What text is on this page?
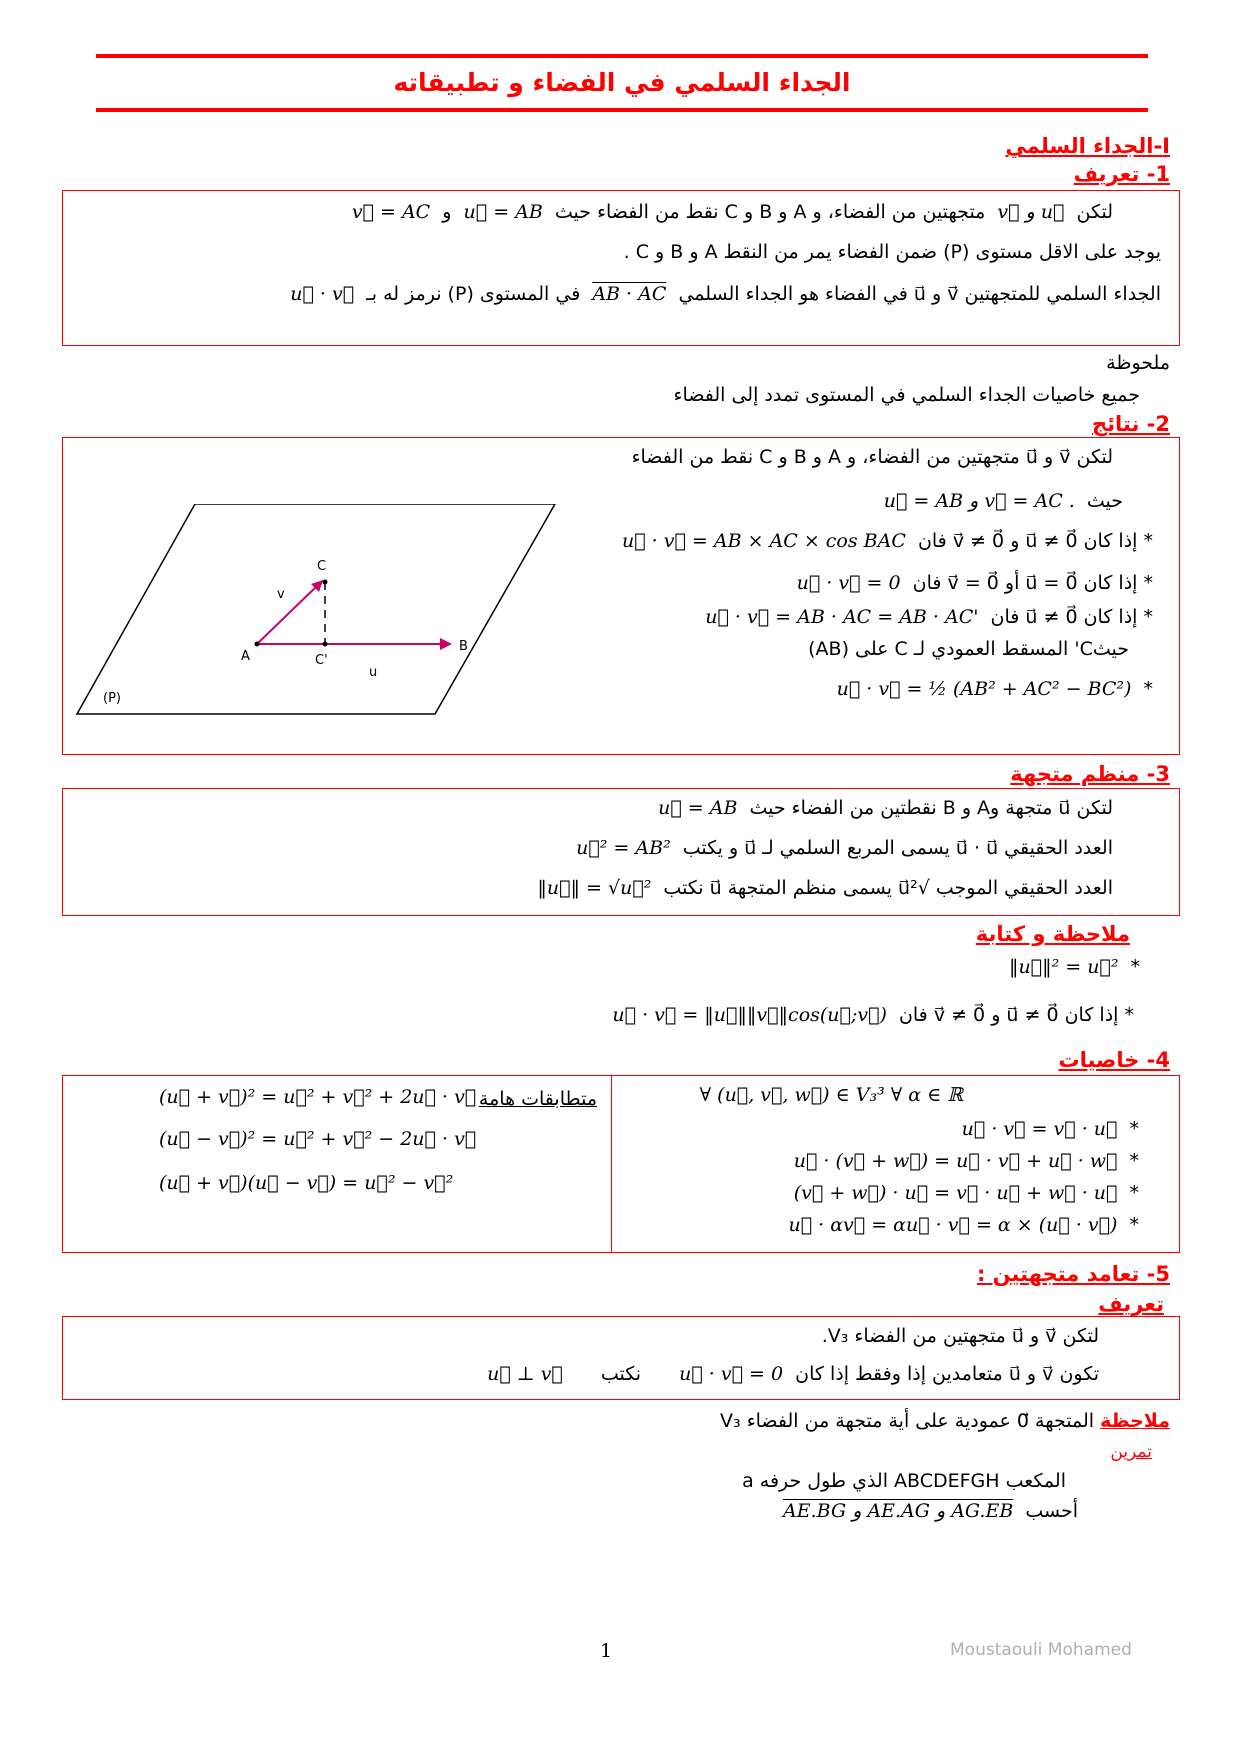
الجداء السلمي في الفضاء و تطبيقاته
I-الجداء السلمي
1- تعريف
لتكن v⃗ و u⃗ متجهتين من الفضاء، و A و B و C نقط من الفضاء حيث u⃗ = AB و v⃗ = AC
يوجد على الاقل مستوى (P) ضمن الفضاء يمر من النقط A و B و C .
الجداء السلمي للمتجهتين v⃗ و u⃗ في الفضاء هو الجداء السلمي AB · AC في المستوى (P) نرمز له بـ u⃗ · v⃗
ملحوظة
جميع خاصيات الجداء السلمي في المستوى تمدد إلى الفضاء
2- نتائج
C
A
B
C'
v
u
(P)
لتكن v⃗ و u⃗ متجهتين من الفضاء، و A و B و C نقط من الفضاء
حيث u⃗ = AB و v⃗ = AC .
* إذا كان u⃗ ≠ 0⃗ و v⃗ ≠ 0⃗ فان u⃗ · v⃗ = AB × AC × cos BAC
* إذا كان u⃗ = 0⃗ أو v⃗ = 0⃗ فان u⃗ · v⃗ = 0
* إذا كان u⃗ ≠ 0⃗ فان u⃗ · v⃗ = AB · AC = AB · AC'
حيثC' المسقط العمودي لـ C على (AB)
* u⃗ · v⃗ = ½ (AB² + AC² − BC²)
3- منظم متجهة
لتكن u⃗ متجهة وA و B نقطتين من الفضاء حيث u⃗ = AB
العدد الحقيقي u⃗ · u⃗ يسمى المربع السلمي لـ u⃗ و يكتب u⃗² = AB²
العدد الحقيقي الموجب √u⃗² يسمى منظم المتجهة u⃗ نكتب ‖u⃗‖ = √u⃗²
ملاحظة و كتابة
* ‖u⃗‖² = u⃗²
* إذا كان u⃗ ≠ 0⃗ و v⃗ ≠ 0⃗ فان u⃗ · v⃗ = ‖u⃗‖‖v⃗‖cos(u⃗;v⃗)
4- خاصيات
∀ (u⃗, v⃗, w⃗) ∈ V₃³ ∀ α ∈ ℝ
* u⃗ · v⃗ = v⃗ · u⃗
* u⃗ · (v⃗ + w⃗) = u⃗ · v⃗ + u⃗ · w⃗
* (v⃗ + w⃗) · u⃗ = v⃗ · u⃗ + w⃗ · u⃗
* u⃗ · αv⃗ = αu⃗ · v⃗ = α × (u⃗ · v⃗)
متطابقات هامة
(u⃗ + v⃗)² = u⃗² + v⃗² + 2u⃗ · v⃗
(u⃗ − v⃗)² = u⃗² + v⃗² − 2u⃗ · v⃗
(u⃗ + v⃗)(u⃗ − v⃗) = u⃗² − v⃗²
5- تعامد متجهتين :
تعريف
لتكن v⃗ و u⃗ متجهتين من الفضاء V₃.
تكون v⃗ و u⃗ متعامدين إذا وفقط إذا كان u⃗ · v⃗ = 0 نكتب u⃗ ⊥ v⃗
ملاحظة المتجهة 0⃗ عمودية على أية متجهة من الفضاء V₃
تمرين
المكعب ABCDEFGH الذي طول حرفه a
أحسب AE.BG و AE.AG و AG.EB
1	Moustaouli Mohamed
